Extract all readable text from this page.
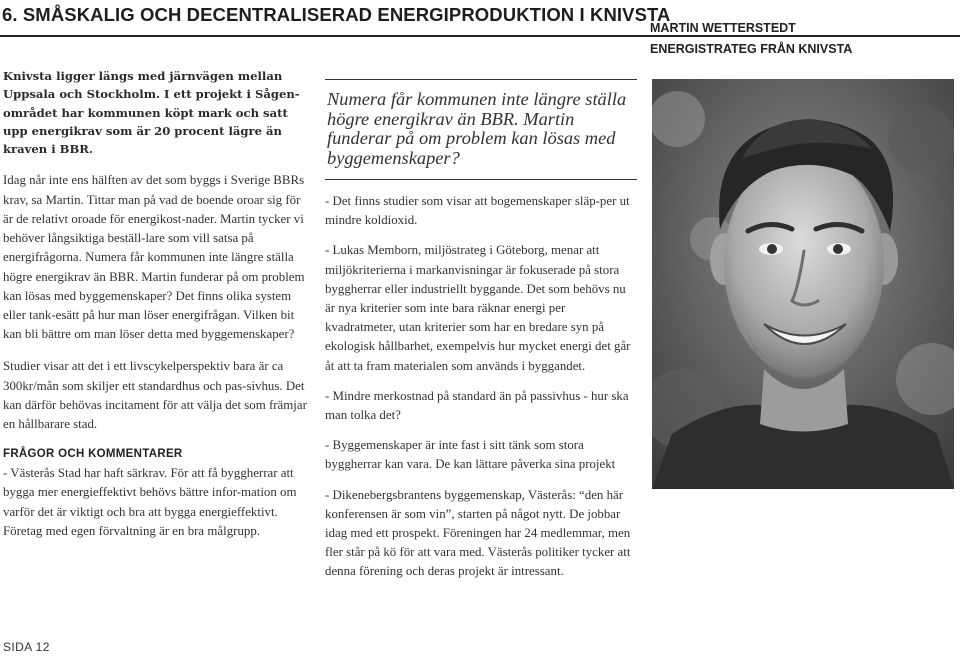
6. SMÅSKALIG OCH DECENTRALISERAD ENERGIPRODUKTION I KNIVSTA
MARTIN WETTERSTEDT
ENERGISTRATEG FRÅN KNIVSTA

Knivsta ligger längs med järnvägen mellan Uppsala och Stockholm. I ett projekt i Sågen-området har kommunen köpt mark och satt upp energikrav som är 20 procent lägre än kraven i BBR.

Idag når inte ens hälften av det som byggs i Sverige BBRs krav, sa Martin. Tittar man på vad de boende oroar sig för är de relativt oroade för energikost-nader. Martin tycker vi behöver långsiktiga beställ-lare som vill satsa på energifrågorna. Numera får kommunen inte längre ställa högre energikrav än BBR. Martin funderar på om problem kan lösas med byggemenskaper? Det finns olika system eller tank-esätt på hur man löser energifrågan. Vilken bit kan bli bättre om man löser detta med byggemenskaper?

Studier visar att det i ett livscykelperspektiv bara är ca 300kr/mån som skiljer ett standardhus och pas-sivhus. Det kan därför behövas incitament för att välja det som främjar en hållbarare stad.

FRÅGOR OCH KOMMENTARER

- Västerås Stad har haft särkrav. För att få byggherrar att bygga mer energieffektivt behövs bättre infor-mation om varför det är viktigt och bra att bygga energieffektivt. Företag med egen förvaltning är en bra målgrupp.

Numera får kommunen inte längre ställa högre energikrav än BBR. Martin funderar på om problem kan lösas med byggemenskaper?

- Det finns studier som visar att bogemenskaper släp-per ut mindre koldioxid.

- Lukas Memborn, miljöstrateg i Göteborg, menar att miljökriterierna i markanvisningar är fokuserade på stora byggherrar eller industriellt byggande. Det som behövs nu är nya kriterier som inte bara räknar energi per kvadratmeter, utan kriterier som har en bredare syn på ekologisk hållbarhet, exempelvis hur mycket energi det går åt att ta fram materialen som används i byggandet.

- Mindre merkostnad på standard än på passivhus - hur ska man tolka det?

- Byggemenskaper är inte fast i sitt tänk som stora byggherrar kan vara. De kan lättare påverka sina projekt

- Dikenebergsbrantens byggemenskap, Västerås: “den här konferensen är som vin”, starten på något nytt. De jobbar idag med ett prospekt. Föreningen har 24 medlemmar, men fler står på kö för att vara med. Västerås politiker tycker att denna förening och deras projekt är intressant.

SIDA 12
